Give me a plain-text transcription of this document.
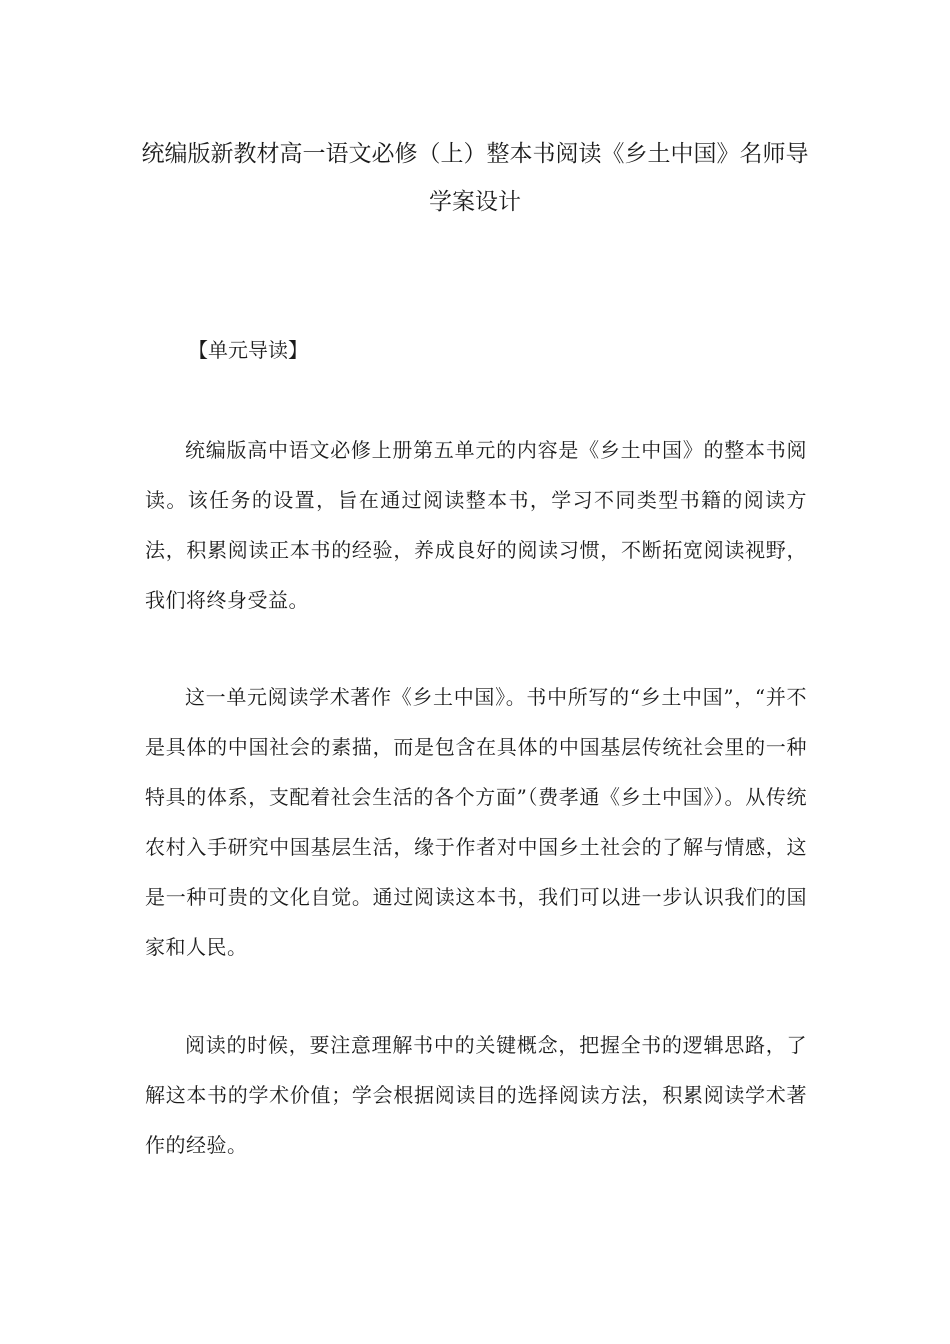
统编版新教材高一语文必修（上）整本书阅读《乡土中国》名师导
学案设计
【单元导读】

统编版高中语文必修上册第五单元的内容是《乡土中国》的整本书阅读。该任务的设置，旨在通过阅读整本书，学习不同类型书籍的阅读方法，积累阅读正本书的经验，养成良好的阅读习惯，不断拓宽阅读视野，我们将终身受益。

这一单元阅读学术著作《乡土中国》。书中所写的“乡土中国”，“并不是具体的中国社会的素描，而是包含在具体的中国基层传统社会里的一种特具的体系，支配着社会生活的各个方面”（费孝通《乡土中国》）。从传统农村入手研究中国基层生活，缘于作者对中国乡土社会的了解与情感，这是一种可贵的文化自觉。通过阅读这本书，我们可以进一步认识我们的国家和人民。

阅读的时候，要注意理解书中的关键概念，把握全书的逻辑思路，了解这本书的学术价值；学会根据阅读目的选择阅读方法，积累阅读学术著作的经验。
